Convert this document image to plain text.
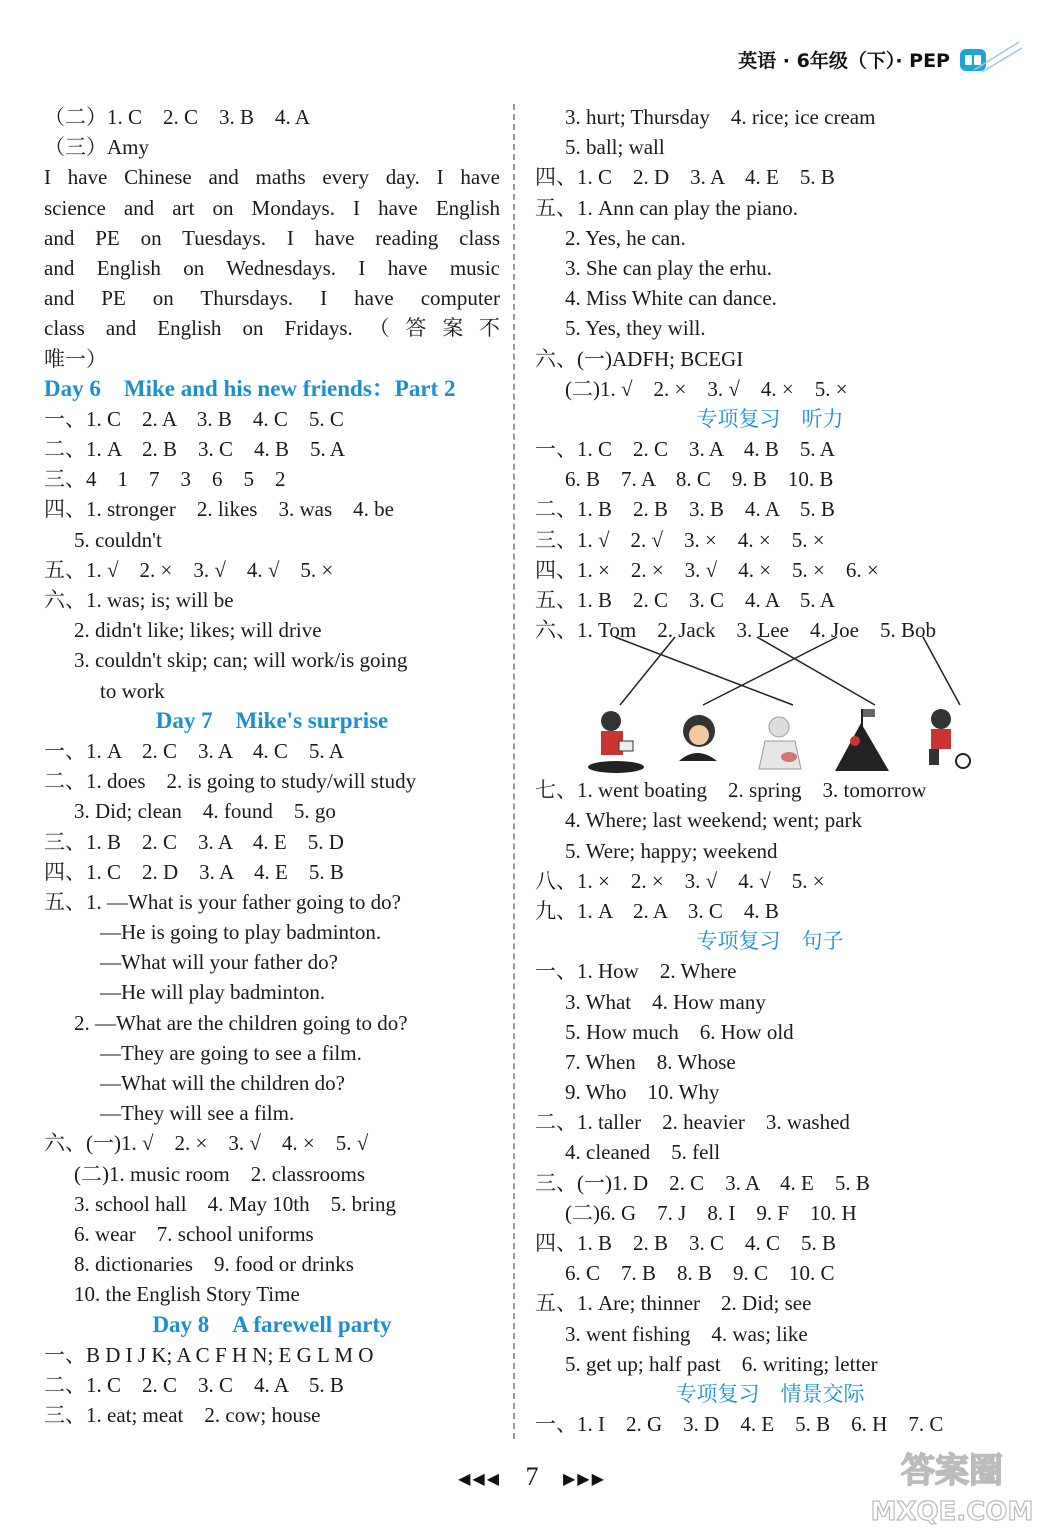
英语 · 6年级（下）· PEP
（二）1. C　2. C　3. B　4. A
（三）Amy
I have Chinese and maths every day. I have
science and art on Mondays. I have English
and PE on Tuesdays. I have reading class
and English on Wednesdays. I have music
and PE on Thursdays. I have computer
class and English on Fridays.（答案不
唯一）
Day 6　Mike and his new friends：Part 2
一、1. C　2. A　3. B　4. C　5. C
二、1. A　2. B　3. C　4. B　5. A
三、4　1　7　3　6　5　2
四、1. stronger　2. likes　3. was　4. be
5. couldn't
五、1. √　2. ×　3. √　4. √　5. ×
六、1. was; is; will be
2. didn't like; likes; will drive
3. couldn't skip; can; will work/is going
to work
Day 7　Mike's surprise
一、1. A　2. C　3. A　4. C　5. A
二、1. does　2. is going to study/will study
3. Did; clean　4. found　5. go
三、1. B　2. C　3. A　4. E　5. D
四、1. C　2. D　3. A　4. E　5. B
五、1. —What is your father going to do?
—He is going to play badminton.
—What will your father do?
—He will play badminton.
2. —What are the children going to do?
—They are going to see a film.
—What will the children do?
—They will see a film.
六、(一)1. √　2. ×　3. √　4. ×　5. √
(二)1. music room　2. classrooms
3. school hall　4. May 10th　5. bring
6. wear　7. school uniforms
8. dictionaries　9. food or drinks
10. the English Story Time
Day 8　A farewell party
一、B D I J K; A C F H N; E G L M O
二、1. C　2. C　3. C　4. A　5. B
三、1. eat; meat　2. cow; house
3. hurt; Thursday　4. rice; ice cream
5. ball; wall
四、1. C　2. D　3. A　4. E　5. B
五、1. Ann can play the piano.
2. Yes, he can.
3. She can play the erhu.
4. Miss White can dance.
5. Yes, they will.
六、(一)ADFH; BCEGI
(二)1. √　2. ×　3. √　4. ×　5. ×
专项复习　听力
一、1. C　2. C　3. A　4. B　5. A
6. B　7. A　8. C　9. B　10. B
二、1. B　2. B　3. B　4. A　5. B
三、1. √　2. √　3. ×　4. ×　5. ×
四、1. ×　2. ×　3. √　4. ×　5. ×　6. ×
五、1. B　2. C　3. C　4. A　5. A
六、1. Tom　2. Jack　3. Lee　4. Joe　5. Bob
七、1. went boating　2. spring　3. tomorrow
4. Where; last weekend; went; park
5. Were; happy; weekend
八、1. ×　2. ×　3. √　4. √　5. ×
九、1. A　2. A　3. C　4. B
专项复习　句子
一、1. How　2. Where
3. What　4. How many
5. How much　6. How old
7. When　8. Whose
9. Who　10. Why
二、1. taller　2. heavier　3. washed
4. cleaned　5. fell
三、(一)1. D　2. C　3. A　4. E　5. B
(二)6. G　7. J　8. I　9. F　10. H
四、1. B　2. B　3. C　4. C　5. B
6. C　7. B　8. B　9. C　10. C
五、1. Are; thinner　2. Did; see
3. went fishing　4. was; like
5. get up; half past　6. writing; letter
专项复习　情景交际
一、1. I　2. G　3. D　4. E　5. B　6. H　7. C
◀◀◀ 7 ▶▶▶	答案圈
MXQE.COM
